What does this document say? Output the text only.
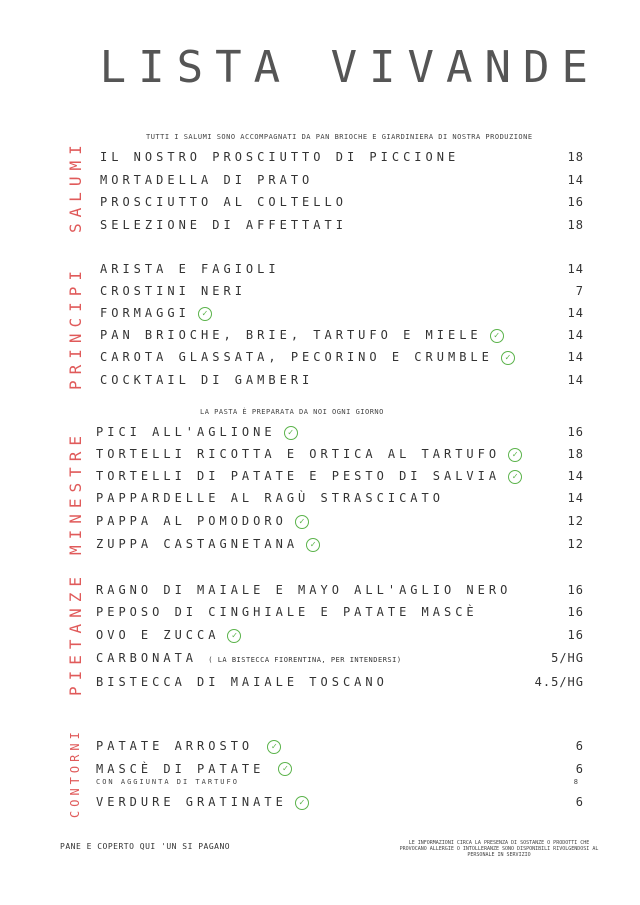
LISTA VIVANDE
TUTTI I SALUMI SONO ACCOMPAGNATI DA PAN BRIOCHE E GIARDINIERA DI NOSTRA PRODUZIONE
SALUMI IL NOSTRO PROSCIUTTO DI PICCIONE	18
MORTADELLA DI PRATO	14
PROSCIUTTO AL COLTELLO	16
SELEZIONE DI AFFETTATI	18
PRINCIPI ARISTA E FAGIOLI	14
CROSTINI NERI	7
FORMAGGI ✓	14
PAN BRIOCHE, BRIE, TARTUFO E MIELE ✓	14
CAROTA GLASSATA, PECORINO E CRUMBLE ✓	14
COCKTAIL DI GAMBERI	14
LA PASTA È PREPARATA DA NOI OGNI GIORNO
MINESTRE PICI ALL'AGLIONE ✓	16
TORTELLI RICOTTA E ORTICA AL TARTUFO ✓	18
TORTELLI DI PATATE E PESTO DI SALVIA ✓	14
PAPPARDELLE AL RAGÙ STRASCICATO	14
PAPPA AL POMODORO ✓	12
ZUPPA CASTAGNETANA ✓	12
PIETANZE RAGNO DI MAIALE E MAYO ALL'AGLIO NERO	16
PEPOSO DI CINGHIALE E PATATE MASCÈ	16
OVO E ZUCCA ✓	16
CARBONATA ( LA BISTECCA FIORENTINA, PER INTENDERSI)	5/HG
BISTECCA DI MAIALE TOSCANO	4.5/HG
CONTORNI PATATE ARROSTO ✓	6
MASCÈ DI PATATE ✓	6
CON AGGIUNTA DI TARTUFO	8
VERDURE GRATINATE ✓	6
PANE E COPERTO QUI 'UN SI PAGANO	LE INFORMAZIONI CIRCA LA PRESENZA DI SOSTANZE O PRODOTTI CHE PROVOCANO ALLERGIE O INTOLLERANZE SONO DISPONIBILI RIVOLGENDOSI AL PERSONALE IN SERVIZIO
